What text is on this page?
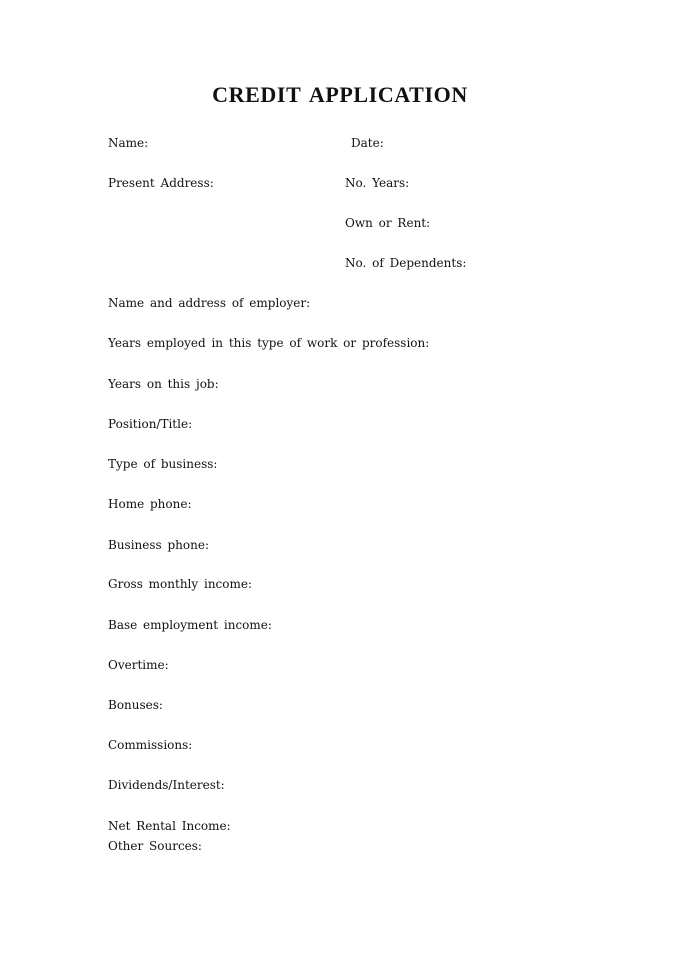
CREDIT APPLICATION
Name:	Date:
Present Address:	No. Years:
Own or Rent:
No. of Dependents:
Name and address of employer:
Years employed in this type of work or profession:
Years on this job:
Position/Title:
Type of business:
Home phone:
Business phone:
Gross monthly income:
Base employment income:
Overtime:
Bonuses:
Commissions:
Dividends/Interest:
Net Rental Income:
Other Sources:
